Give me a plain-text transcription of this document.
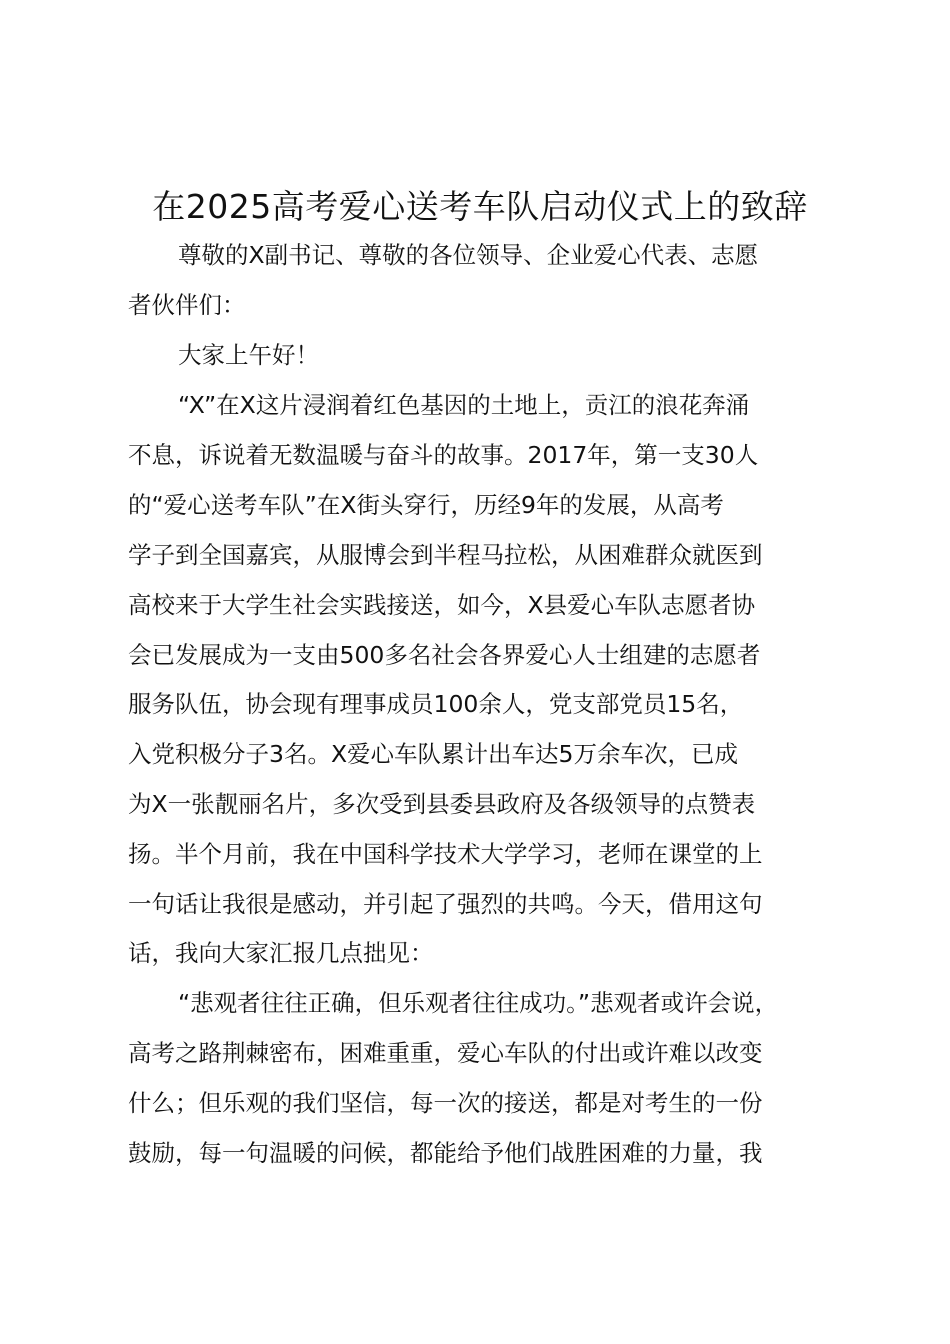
在2025高考爱心送考车队启动仪式上的致辞
尊敬的X副书记、尊敬的各位领导、企业爱心代表、志愿
者伙伴们：
大家上午好！
“X”在X这片浸润着红色基因的土地上，贡江的浪花奔涌
不息，诉说着无数温暖与奋斗的故事。2017年，第一支30人
的“爱心送考车队”在X街头穿行，历经9年的发展，从高考
学子到全国嘉宾，从服博会到半程马拉松，从困难群众就医到
高校来于大学生社会实践接送，如今，X县爱心车队志愿者协
会已发展成为一支由500多名社会各界爱心人士组建的志愿者
服务队伍，协会现有理事成员100余人，党支部党员15名，
入党积极分子3名。X爱心车队累计出车达5万余车次，已成
为X一张靓丽名片，多次受到县委县政府及各级领导的点赞表
扬。半个月前，我在中国科学技术大学学习，老师在课堂的上
一句话让我很是感动，并引起了强烈的共鸣。今天，借用这句
话，我向大家汇报几点拙见：
“悲观者往往正确，但乐观者往往成功。”悲观者或许会说，
高考之路荆棘密布，困难重重，爱心车队的付出或许难以改变
什么；但乐观的我们坚信，每一次的接送，都是对考生的一份
鼓励，每一句温暖的问候，都能给予他们战胜困难的力量，我
